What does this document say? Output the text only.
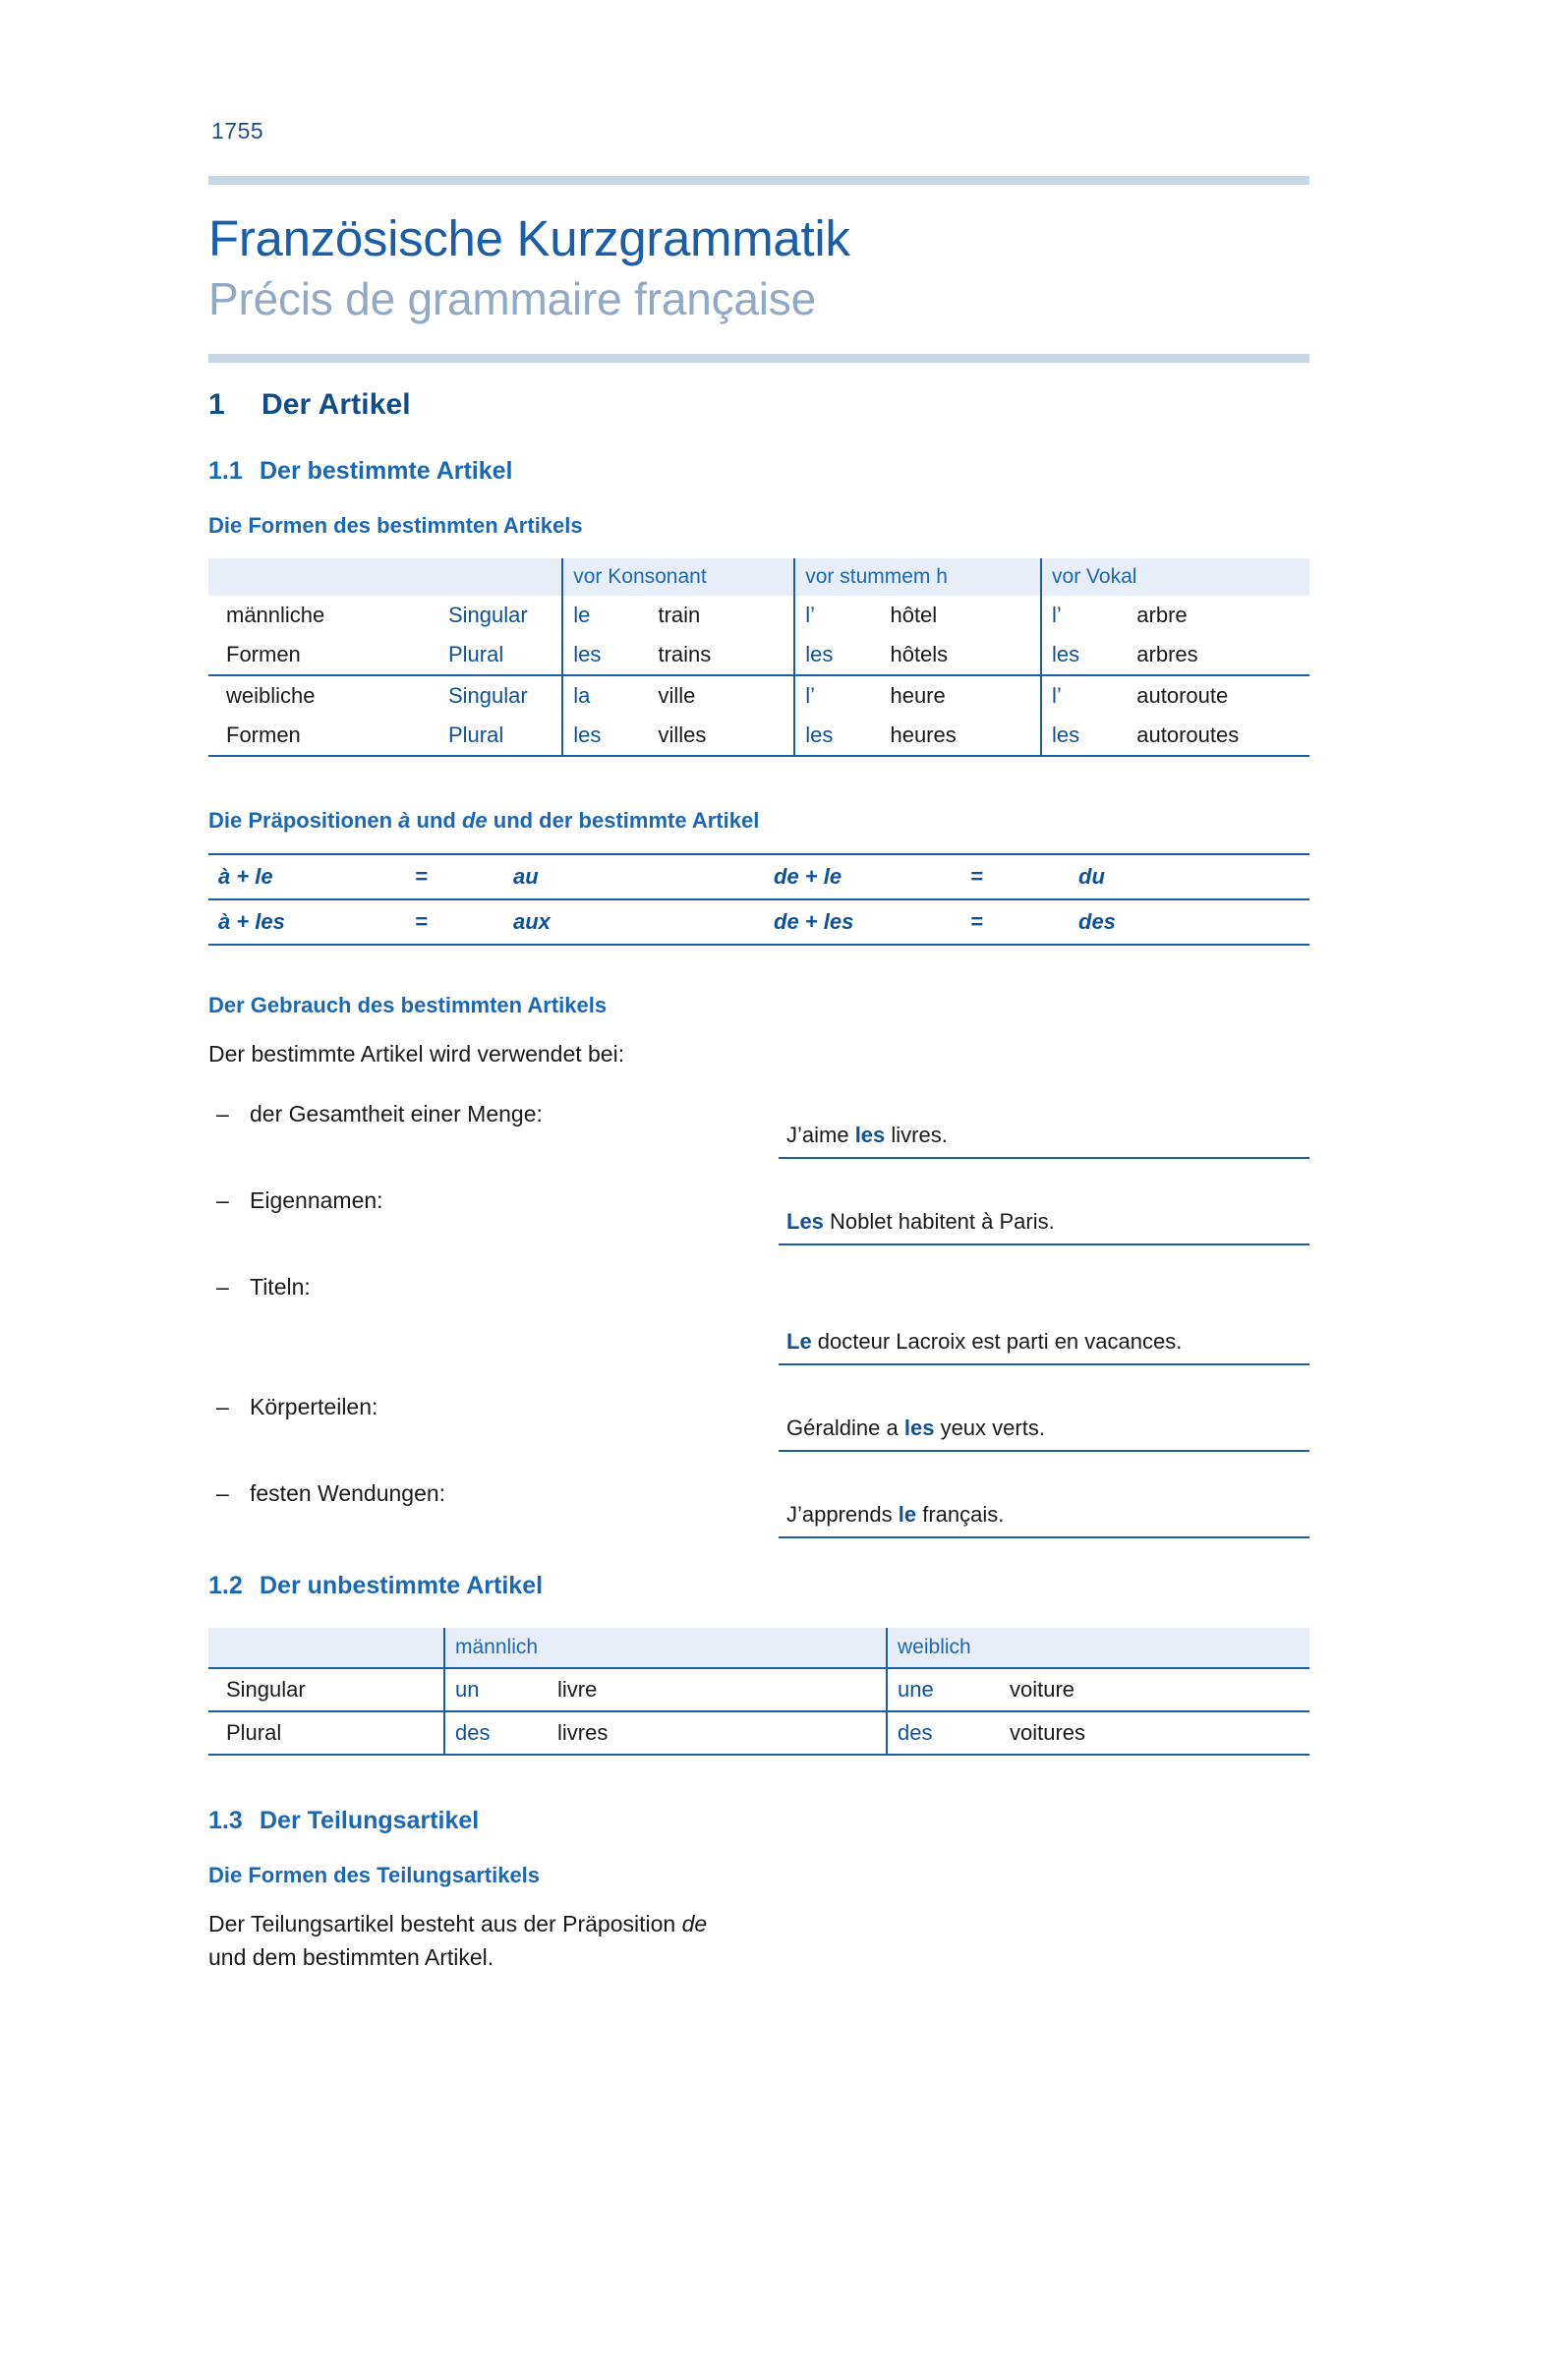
1755
Französische Kurzgrammatik
Précis de grammaire française
1 Der Artikel
1.1 Der bestimmte Artikel
Die Formen des bestimmten Artikels
		vor Konsonant		vor stummem h		vor Vokal	
männliche	Singular	le	train	l’	hôtel	l’	arbre
Formen	Plural	les	trains	les	hôtels	les	arbres
weibliche	Singular	la	ville	l’	heure	l’	autoroute
Formen	Plural	les	villes	les	heures	les	autoroutes
Die Präpositionen à und de und der bestimmte Artikel
à + le	=	au	de + le	=	du
à + les	=	aux	de + les	=	des
Der Gebrauch des bestimmten Artikels

Der bestimmte Artikel wird verwendet bei:

– der Gesamtheit einer Menge:
J’aime les livres.
– Eigennamen:
Les Noblet habitent à Paris.
– Titeln:
Le docteur Lacroix est parti en vacances.
– Körperteilen:
Géraldine a les yeux verts.
– festen Wendungen:
J’apprends le français.
1.2 Der unbestimmte Artikel
	männlich		weiblich	
Singular	un	livre	une	voiture
Plural	des	livres	des	voitures
1.3 Der Teilungsartikel
Die Formen des Teilungsartikels

Der Teilungsartikel besteht aus der Präposition de und dem bestimmten Artikel.
